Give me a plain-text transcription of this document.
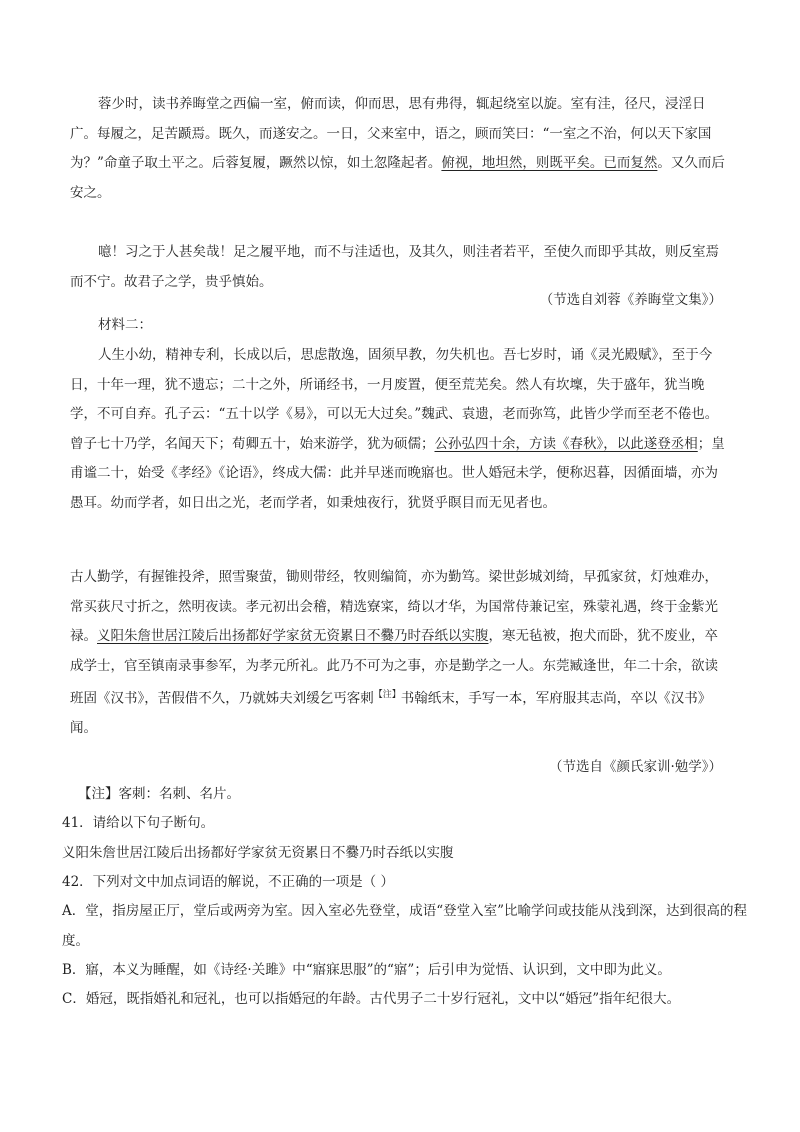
蓉少时，读书养晦堂之西偏一室，俯而读，仰而思，思有弗得，辄起绕室以旋。室有洼，径尺，浸淫日广。每履之，足苦踬焉。既久，而遂安之。一日，父来室中，语之，顾而笑曰：“一室之不治，何以天下家国为？”命童子取土平之。后蓉复履，蹶然以惊，如土忽隆起者。俯视，地坦然，则既平矣。已而复然。又久而后安之。
噫！习之于人甚矣哉！足之履平地，而不与洼适也，及其久，则洼者若平，至使久而即乎其故，则反室焉而不宁。故君子之学，贵乎慎始。
（节选自刘蓉《养晦堂文集》）
材料二：
人生小幼，精神专利，长成以后，思虑散逸，固须早教，勿失机也。吾七岁时，诵《灵光殿赋》，至于今日，十年一理，犹不遗忘；二十之外，所诵经书，一月废置，便至荒芜矣。然人有坎壈，失于盛年，犹当晚学，不可自弃。孔子云：“五十以学《易》，可以无大过矣。”魏武、袁遗，老而弥笃，此皆少学而至老不倦也。曾子七十乃学，名闻天下；荀卿五十，始来游学，犹为硕儒；公孙弘四十余，方读《春秋》，以此遂登丞相；皇甫谧二十，始受《孝经》《论语》，终成大儒：此并早迷而晚寤也。世人婚冠未学，便称迟暮，因循面墙，亦为愚耳。幼而学者，如日出之光，老而学者，如秉烛夜行，犹贤乎瞑目而无见者也。
古人勤学，有握锥投斧，照雪聚萤，锄则带经，牧则编简，亦为勤笃。梁世彭城刘绮，早孤家贫，灯烛难办，常买荻尺寸折之，然明夜读。孝元初出会稽，精选寮寀，绮以才华，为国常侍兼记室，殊蒙礼遇，终于金紫光禄。义阳朱詹世居江陵后出扬都好学家贫无资累日不爨乃时吞纸以实腹，寒无毡被，抱犬而卧，犹不废业，卒成学士，官至镇南录事参军，为孝元所礼。此乃不可为之事，亦是勤学之一人。东莞臧逢世，年二十余，欲读班固《汉书》，苦假借不久，乃就姊夫刘缓乞丐客刺$^{【注】}$书翰纸末，手写一本，军府服其志尚，卒以《汉书》闻。
（节选自《颜氏家训·勉学》）
【注】客刺：名刺、名片。
41．请给以下句子断句。
义阳朱詹世居江陵后出扬都好学家贫无资累日不爨乃时吞纸以实腹
42．下列对文中加点词语的解说，不正确的一项是（ ）
A．堂，指房屋正厅，堂后或两旁为室。因入室必先登堂，成语“登堂入室”比喻学问或技能从浅到深，达到很高的程度。
B．寤，本义为睡醒，如《诗经·关雎》中“寤寐思服”的“寤”；后引申为觉悟、认识到，文中即为此义。
C．婚冠，既指婚礼和冠礼，也可以指婚冠的年龄。古代男子二十岁行冠礼，文中以“婚冠”指年纪很大。
